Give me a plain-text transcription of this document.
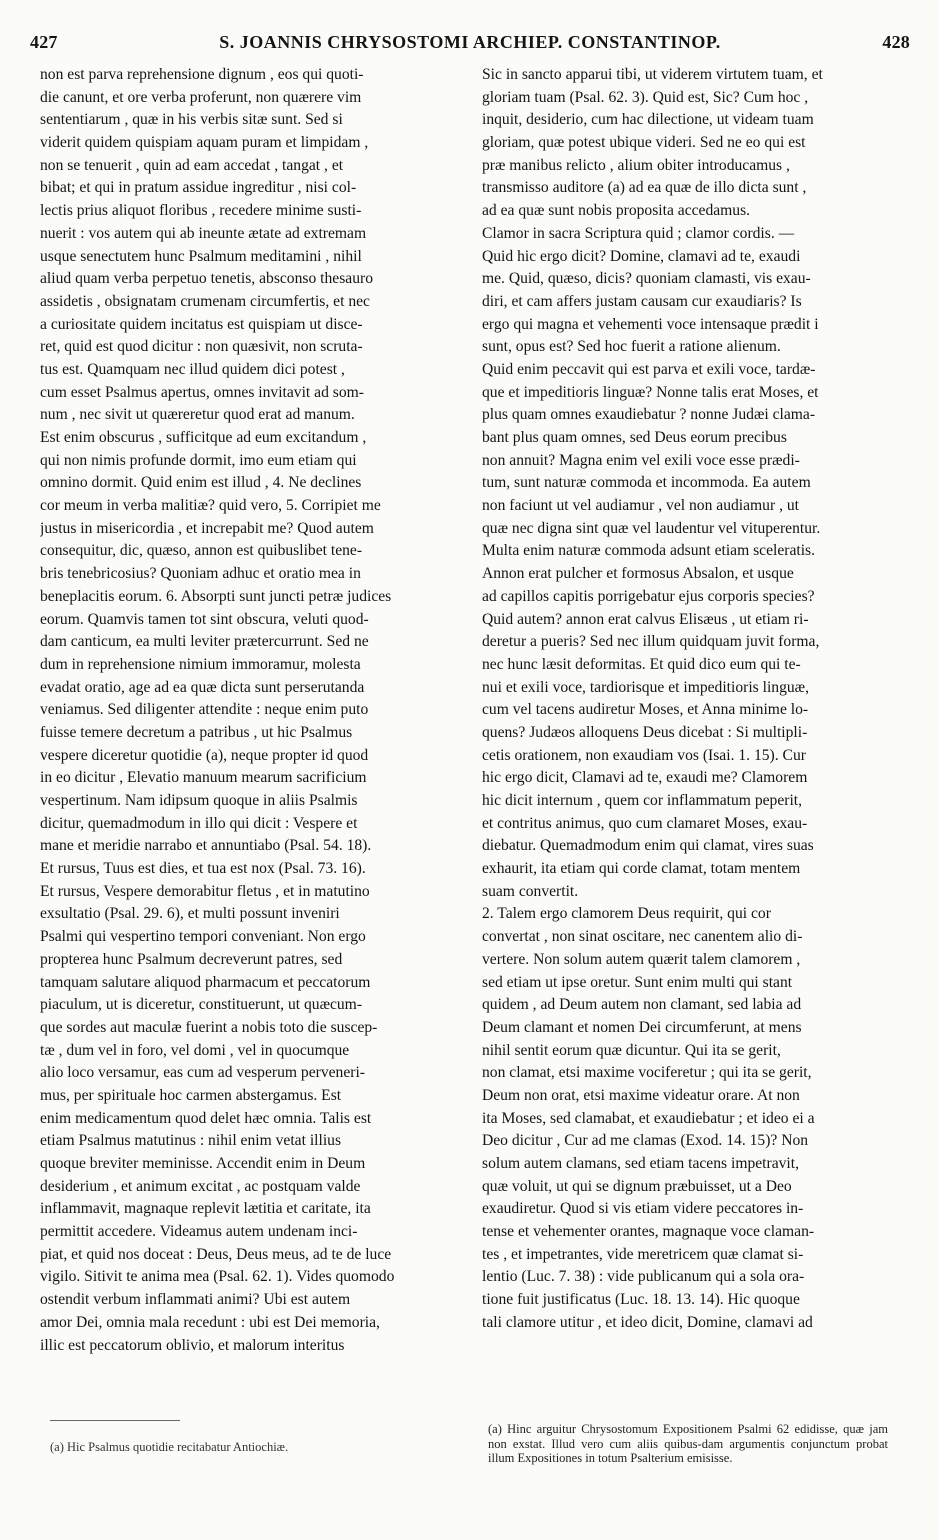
427	S. JOANNIS CHRYSOSTOMI ARCHIEP. CONSTANTINOP.	428
non est parva reprehensione dignum , eos qui quoti-
die canunt, et ore verba proferunt, non quærere vim
sententiarum , quæ in his verbis sitæ sunt. Sed si
viderit quidem quispiam aquam puram et limpidam ,
non se tenuerit , quin ad eam accedat , tangat , et
bibat; et qui in pratum assidue ingreditur , nisi col-
lectis prius aliquot floribus , recedere minime susti-
nuerit : vos autem qui ab ineunte ætate ad extremam
usque senectutem hunc Psalmum meditamini , nihil
aliud quam verba perpetuo tenetis, absconso thesauro
assidetis , obsignatam crumenam circumfertis, et nec
a curiositate quidem incitatus est quispiam ut disce-
ret, quid est quod dicitur : non quæsivit, non scruta-
tus est. Quamquam nec illud quidem dici potest ,
cum esset Psalmus apertus, omnes invitavit ad som-
num , nec sivit ut quæreretur quod erat ad manum.
Est enim obscurus , sufficitque ad eum excitandum ,
qui non nimis profunde dormit, imo eum etiam qui
omnino dormit. Quid enim est illud , 4. Ne declines
cor meum in verba malitiæ? quid vero, 5. Corripiet me
justus in misericordia , et increpabit me? Quod autem
consequitur, dic, quæso, annon est quibuslibet tene-
bris tenebricosius? Quoniam adhuc et oratio mea in
beneplacitis eorum. 6. Absorpti sunt juncti petræ judices
eorum. Quamvis tamen tot sint obscura, veluti quod-
dam canticum, ea multi leviter prætercurrunt. Sed ne
dum in reprehensione nimium immoramur, molesta
evadat oratio, age ad ea quæ dicta sunt perserutanda
veniamus. Sed diligenter attendite : neque enim puto
fuisse temere decretum a patribus , ut hic Psalmus
vespere diceretur quotidie (a), neque propter id quod
in eo dicitur , Elevatio manuum mearum sacrificium
vespertinum. Nam idipsum quoque in aliis Psalmis
dicitur, quemadmodum in illo qui dicit : Vespere et
mane et meridie narrabo et annuntiabo (Psal. 54. 18).
Et rursus, Tuus est dies, et tua est nox (Psal. 73. 16).
Et rursus, Vespere demorabitur fletus , et in matutino
exsultatio (Psal. 29. 6), et multi possunt inveniri
Psalmi qui vespertino tempori conveniant. Non ergo
propterea hunc Psalmum decreverunt patres, sed
tamquam salutare aliquod pharmacum et peccatorum
piaculum, ut is diceretur, constituerunt, ut quæcum-
que sordes aut maculæ fuerint a nobis toto die suscep-
tæ , dum vel in foro, vel domi , vel in quocumque
alio loco versamur, eas cum ad vesperum perveneri-
mus, per spirituale hoc carmen abstergamus. Est
enim medicamentum quod delet hæc omnia. Talis est
etiam Psalmus matutinus : nihil enim vetat illius
quoque breviter meminisse. Accendit enim in Deum
desiderium , et animum excitat , ac postquam valde
inflammavit, magnaque replevit lætitia et caritate, ita
permittit accedere. Videamus autem undenam inci-
piat, et quid nos doceat : Deus, Deus meus, ad te de luce
vigilo. Sitivit te anima mea (Psal. 62. 1). Vides quomodo
ostendit verbum inflammati animi? Ubi est autem
amor Dei, omnia mala recedunt : ubi est Dei memoria,
illic est peccatorum oblivio, et malorum interitus
Sic in sancto apparui tibi, ut viderem virtutem tuam, et
gloriam tuam (Psal. 62. 3). Quid est, Sic? Cum hoc ,
inquit, desiderio, cum hac dilectione, ut videam tuam
gloriam, quæ potest ubique videri. Sed ne eo qui est
præ manibus relicto , alium obiter introducamus ,
transmisso auditore (a) ad ea quæ de illo dicta sunt ,
ad ea quæ sunt nobis proposita accedamus.
Clamor in sacra Scriptura quid ; clamor cordis. —
Quid hic ergo dicit? Domine, clamavi ad te, exaudi
me. Quid, quæso, dicis? quoniam clamasti, vis exau-
diri, et cam affers justam causam cur exaudiaris? Is
ergo qui magna et vehementi voce intensaque prædit i
sunt, opus est? Sed hoc fuerit a ratione alienum.
Quid enim peccavit qui est parva et exili voce, tardæ-
que et impeditioris linguæ? Nonne talis erat Moses, et
plus quam omnes exaudiebatur ? nonne Judæi clama-
bant plus quam omnes, sed Deus eorum precibus
non annuit? Magna enim vel exili voce esse prædi-
tum, sunt naturæ commoda et incommoda. Ea autem
non faciunt ut vel audiamur , vel non audiamur , ut
quæ nec digna sint quæ vel laudentur vel vituperentur.
Multa enim naturæ commoda adsunt etiam sceleratis.
Annon erat pulcher et formosus Absalon, et usque
ad capillos capitis porrigebatur ejus corporis species?
Quid autem? annon erat calvus Elisæus , ut etiam ri-
deretur a pueris? Sed nec illum quidquam juvit forma,
nec hunc læsit deformitas. Et quid dico eum qui te-
nui et exili voce, tardiorisque et impeditioris linguæ,
cum vel tacens audiretur Moses, et Anna minime lo-
quens? Judæos alloquens Deus dicebat : Si multipli-
cetis orationem, non exaudiam vos (Isai. 1. 15). Cur
hic ergo dicit, Clamavi ad te, exaudi me? Clamorem
hic dicit internum , quem cor inflammatum peperit,
et contritus animus, quo cum clamaret Moses, exau-
diebatur. Quemadmodum enim qui clamat, vires suas
exhaurit, ita etiam qui corde clamat, totam mentem
suam convertit.
2. Talem ergo clamorem Deus requirit, qui cor
convertat , non sinat oscitare, nec canentem alio di-
vertere. Non solum autem quærit talem clamorem ,
sed etiam ut ipse oretur. Sunt enim multi qui stant
quidem , ad Deum autem non clamant, sed labia ad
Deum clamant et nomen Dei circumferunt, at mens
nihil sentit eorum quæ dicuntur. Qui ita se gerit,
non clamat, etsi maxime vociferetur ; qui ita se gerit,
Deum non orat, etsi maxime videatur orare. At non
ita Moses, sed clamabat, et exaudiebatur ; et ideo ei a
Deo dicitur , Cur ad me clamas (Exod. 14. 15)? Non
solum autem clamans, sed etiam tacens impetravit,
quæ voluit, ut qui se dignum præbuisset, ut a Deo
exaudiretur. Quod si vis etiam videre peccatores in-
tense et vehementer orantes, magnaque voce claman-
tes , et impetrantes, vide meretricem quæ clamat si-
lentio (Luc. 7. 38) : vide publicanum qui a sola ora-
tione fuit justificatus (Luc. 18. 13. 14). Hic quoque
tali clamore utitur , et ideo dicit, Domine, clamavi ad
(a) Hic Psalmus quotidie recitabatur Antiochiæ.
(a) Hinc arguitur Chrysostomum Expositionem Psalmi 62 edidisse, quæ jam non exstat. Illud vero cum aliis quibus-dam argumentis conjunctum probat illum Expositiones in totum Psalterium emisisse.
